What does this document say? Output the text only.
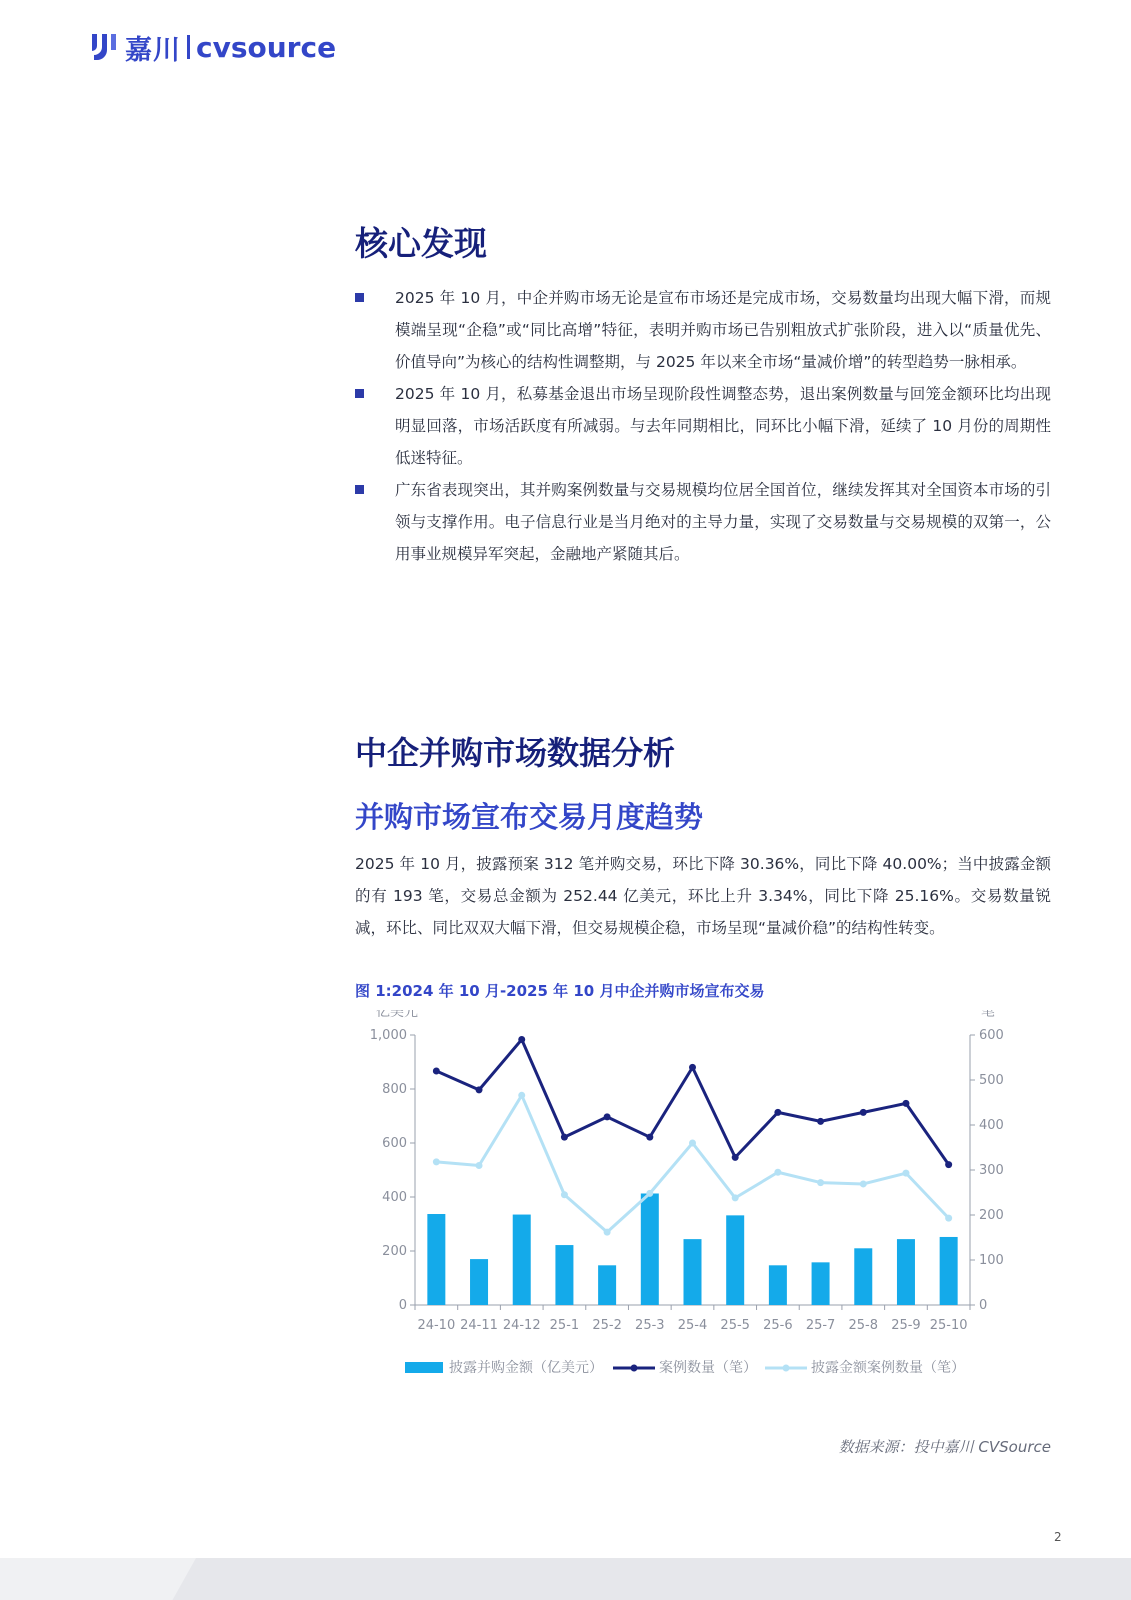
嘉川 cvsource
核心发现
2025 年 10 月，中企并购市场无论是宣布市场还是完成市场，交易数量均出现大幅下滑，而规模端呈现“企稳”或“同比高增”特征，表明并购市场已告别粗放式扩张阶段，进入以“质量优先、价值导向”为核心的结构性调整期，与 2025 年以来全市场“量减价增”的转型趋势一脉相承。
2025 年 10 月，私募基金退出市场呈现阶段性调整态势，退出案例数量与回笼金额环比均出现明显回落，市场活跃度有所减弱。与去年同期相比，同环比小幅下滑，延续了 10 月份的周期性低迷特征。
广东省表现突出，其并购案例数量与交易规模均位居全国首位，继续发挥其对全国资本市场的引领与支撑作用。电子信息行业是当月绝对的主导力量，实现了交易数量与交易规模的双第一，公用事业规模异军突起，金融地产紧随其后。
中企并购市场数据分析
并购市场宣布交易月度趋势

2025 年 10 月，披露预案 312 笔并购交易，环比下降 30.36%，同比下降 40.00%；当中披露金额的有 193 笔，交易总金额为 252.44 亿美元，环比上升 3.34%，同比下降 25.16%。交易数量锐减，环比、同比双双大幅下滑，但交易规模企稳，市场呈现“量减价稳”的结构性转变。

图 1:2024 年 10 月-2025 年 10 月中企并购市场宣布交易
亿美元	笔
0
200
400
600
800
1,000
0
100
200
300
400
500
600
24-10 24-11 24-12 25-1 25-2 25-3 25-4 25-5 25-6 25-7 25-8 25-9 25-10
披露并购金额（亿美元）	案例数量（笔）	披露金额案例数量（笔）
数据来源：投中嘉川 CVSource
2
